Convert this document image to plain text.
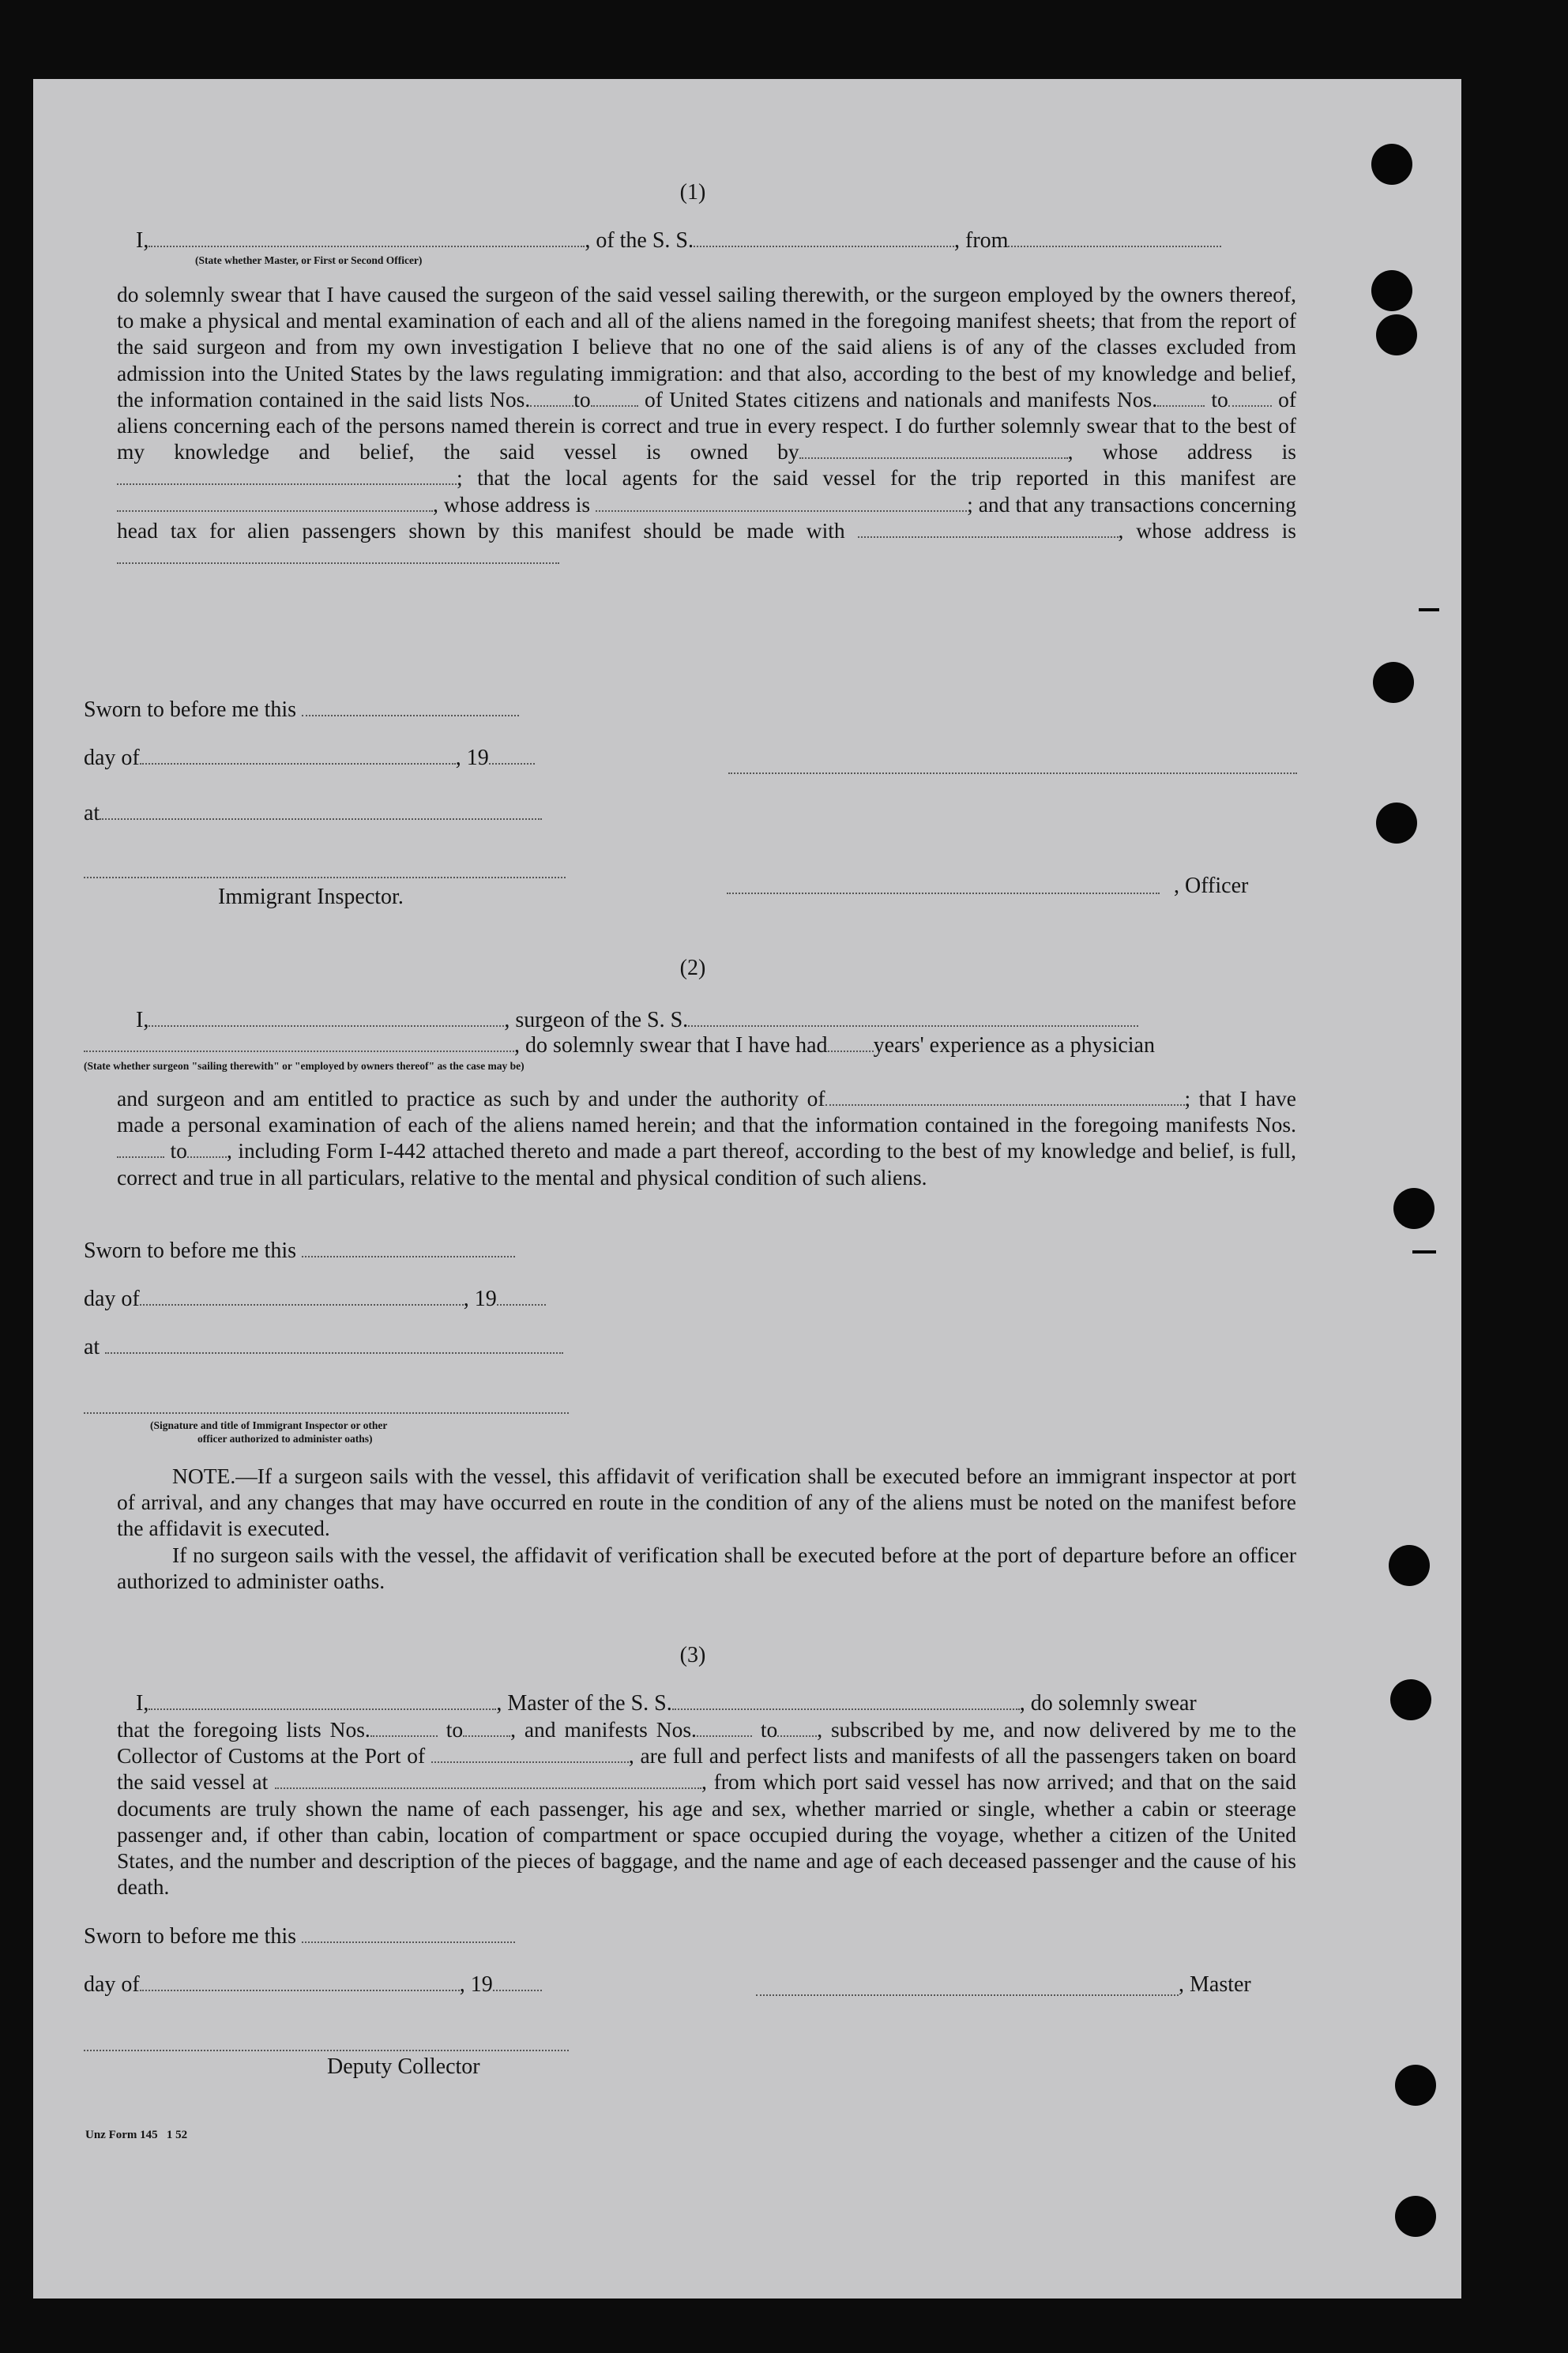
(1)
I,	, of the S. S.	, from
(State whether Master, or First or Second Officer)
do solemnly swear that I have caused the surgeon of the said vessel sailing therewith, or the surgeon employed by the owners thereof, to make a physical and mental examination of each and all of the aliens named in the foregoing manifest sheets; that from the report of the said surgeon and from my own investigation I believe that no one of the said aliens is of any of the classes excluded from admission into the United States by the laws regulating immigration: and that also, according to the best of my knowledge and belief, the information contained in the said lists Nos. to of United States citizens and nationals and manifests Nos. to of aliens concerning each of the persons named therein is correct and true in every respect. I do further solemnly swear that to the best of my knowledge and belief, the said vessel is owned by	, whose address is ; that the local agents for the said vessel for the trip reported in this manifest are , whose address is	; and that any transactions concerning head tax for alien passengers shown by this manifest should be made with	, whose address is
Sworn to before me this
day of	, 19
at
Immigrant Inspector.	, Officer
(2)
I,	, surgeon of the S. S.
, do solemnly swear that I have had years' experience as a physician
(State whether surgeon "sailing therewith" or "employed by owners thereof" as the case may be)
and surgeon and am entitled to practice as such by and under the authority of	; that I have made a personal examination of each of the aliens named herein; and that the information contained in the foregoing manifests Nos. to , including Form I-442 attached thereto and made a part thereof, according to the best of my knowledge and belief, is full, correct and true in all particulars, relative to the mental and physical condition of such aliens.
Sworn to before me this
day of	, 19
at
(Signature and title of Immigrant Inspector or other
officer authorized to administer oaths)
NOTE.—If a surgeon sails with the vessel, this affidavit of verification shall be executed before an immigrant inspector at port of arrival, and any changes that may have occurred en route in the condition of any of the aliens must be noted on the manifest before the affidavit is executed.
If no surgeon sails with the vessel, the affidavit of verification shall be executed before at the port of departure before an officer authorized to administer oaths.
(3)
I,	, Master of the S. S.	, do solemnly swear
that the foregoing lists Nos.	to , and manifests Nos.	to , subscribed by me, and now delivered by me to the Collector of Customs at the Port of	, are full and perfect lists and manifests of all the passengers taken on board the said vessel at	, from which port said vessel has now arrived; and that on the said documents are truly shown the name of each passenger, his age and sex, whether married or single, whether a cabin or steerage passenger and, if other than cabin, location of compartment or space occupied during the voyage, whether a citizen of the United States, and the number and description of the pieces of baggage, and the name and age of each deceased passenger and the cause of his death.
Sworn to before me this
day of	, 19	, Master
Deputy Collector
Unz Form 145   1 52
